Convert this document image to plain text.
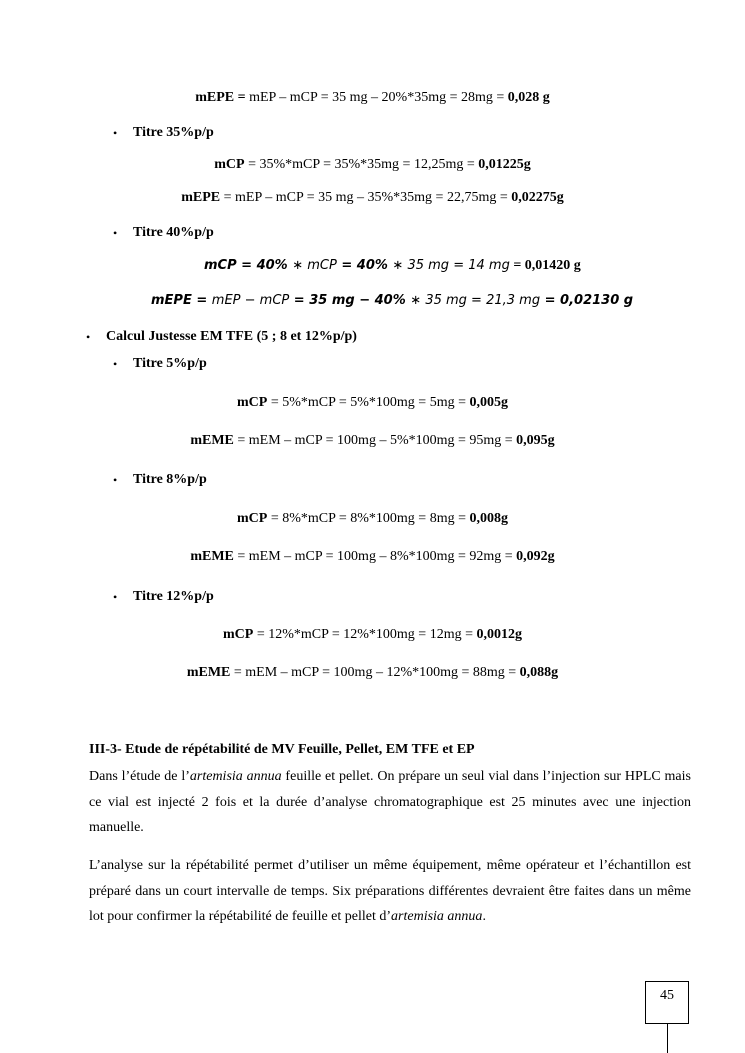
mEPE = mEP – mCP = 35 mg – 20%*35mg = 28mg = 0,028 g
• Titre 35%p/p
mCP = 35%*mCP = 35%*35mg = 12,25mg = 0,01225g
mEPE = mEP – mCP = 35 mg – 35%*35mg = 22,75mg = 0,02275g
• Titre 40%p/p
mCP = 40% ∗ mCP = 40% ∗ 35 mg = 14 mg = 0,01420 g
mEPE = mEP − mCP = 35 mg − 40% ∗ 35 mg = 21,3 mg = 0,02130 g
• Calcul Justesse EM TFE (5 ; 8 et 12%p/p)
• Titre 5%p/p
mCP = 5%*mCP = 5%*100mg = 5mg = 0,005g
mEME = mEM – mCP = 100mg – 5%*100mg = 95mg = 0,095g
• Titre 8%p/p
mCP = 8%*mCP = 8%*100mg = 8mg = 0,008g
mEME = mEM – mCP = 100mg – 8%*100mg = 92mg = 0,092g
• Titre 12%p/p
mCP = 12%*mCP = 12%*100mg = 12mg = 0,0012g
mEME = mEM – mCP = 100mg – 12%*100mg = 88mg = 0,088g
III-3- Etude de répétabilité de MV Feuille, Pellet, EM TFE et EP
Dans l’étude de l’artemisia annua feuille et pellet. On prépare un seul vial dans l’injection sur HPLC mais ce vial est injecté 2 fois et la durée d’analyse chromatographique est 25 minutes avec une injection manuelle.
L’analyse sur la répétabilité permet d’utiliser un même équipement, même opérateur et l’échantillon est préparé dans un court intervalle de temps. Six préparations différentes devraient être faites dans un même lot pour confirmer la répétabilité de feuille et pellet d’artemisia annua.
45
